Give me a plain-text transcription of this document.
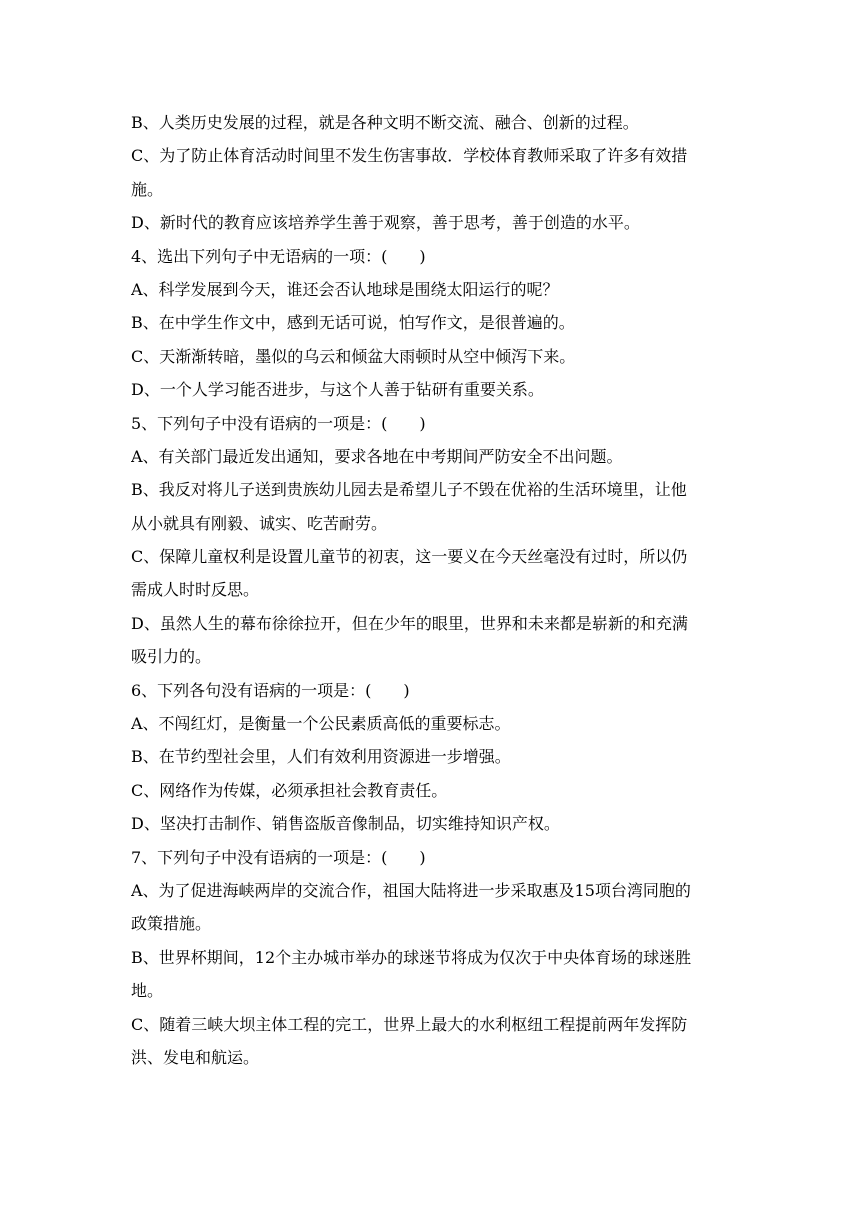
B、人类历史发展的过程，就是各种文明不断交流、融合、创新的过程。
C、为了防止体育活动时间里不发生伤害事故．学校体育教师采取了许多有效措
施。
D、新时代的教育应该培养学生善于观察，善于思考，善于创造的水平。
4、选出下列句子中无语病的一项：(　　)
A、科学发展到今天，谁还会否认地球是围绕太阳运行的呢？
B、在中学生作文中，感到无话可说，怕写作文，是很普遍的。
C、天渐渐转暗，墨似的乌云和倾盆大雨顿时从空中倾泻下来。
D、一个人学习能否进步，与这个人善于钻研有重要关系。
5、下列句子中没有语病的一项是：(　　)
A、有关部门最近发出通知，要求各地在中考期间严防安全不出问题。
B、我反对将儿子送到贵族幼儿园去是希望儿子不毁在优裕的生活环境里，让他
从小就具有刚毅、诚实、吃苦耐劳。
C、保障儿童权利是设置儿童节的初衷，这一要义在今天丝毫没有过时，所以仍
需成人时时反思。
D、虽然人生的幕布徐徐拉开，但在少年的眼里，世界和未来都是崭新的和充满
吸引力的。
6、下列各句没有语病的一项是：(　　)
A、不闯红灯，是衡量一个公民素质高低的重要标志。
B、在节约型社会里，人们有效利用资源进一步增强。
C、网络作为传媒，必须承担社会教育责任。
D、坚决打击制作、销售盗版音像制品，切实维持知识产权。
7、下列句子中没有语病的一项是：(　　)
A、为了促进海峡两岸的交流合作，祖国大陆将进一步采取惠及15项台湾同胞的
政策措施。
B、世界杯期间，12个主办城市举办的球迷节将成为仅次于中央体育场的球迷胜
地。
C、随着三峡大坝主体工程的完工，世界上最大的水利枢纽工程提前两年发挥防
洪、发电和航运。
